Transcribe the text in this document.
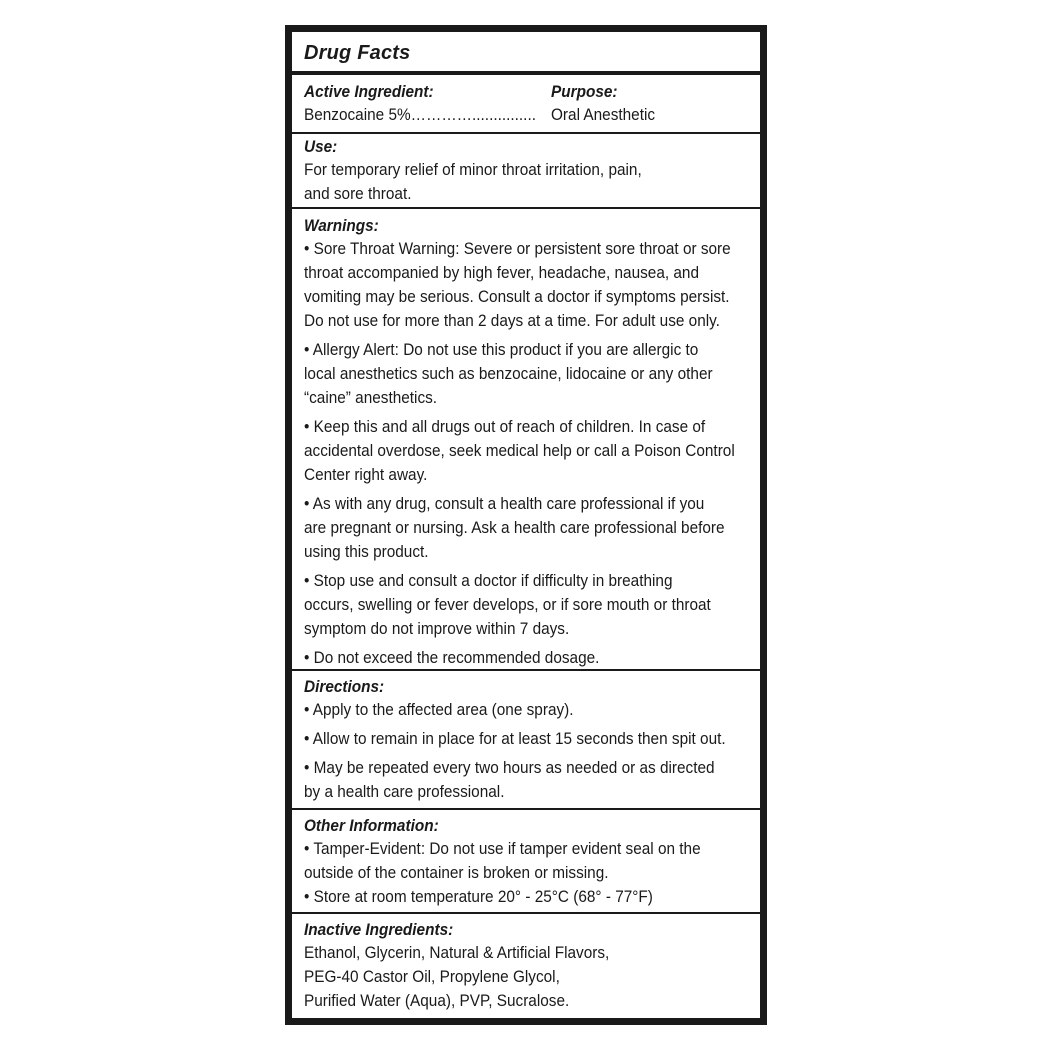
Drug Facts
Active Ingredient:	Purpose:
Benzocaine 5%…………............... Oral Anesthetic
Use:
For temporary relief of minor throat irritation, pain,
and sore throat.
Warnings:
• Sore Throat Warning: Severe or persistent sore throat or sore
throat accompanied by high fever, headache, nausea, and
vomiting may be serious. Consult a doctor if symptoms persist.
Do not use for more than 2 days at a time. For adult use only.
• Allergy Alert: Do not use this product if you are allergic to
local anesthetics such as benzocaine, lidocaine or any other
“caine” anesthetics.
• Keep this and all drugs out of reach of children. In case of
accidental overdose, seek medical help or call a Poison Control
Center right away.
• As with any drug, consult a health care professional if you
are pregnant or nursing. Ask a health care professional before
using this product.
• Stop use and consult a doctor if difficulty in breathing
occurs, swelling or fever develops, or if sore mouth or throat
symptom do not improve within 7 days.
• Do not exceed the recommended dosage.
Directions:
• Apply to the affected area (one spray).
• Allow to remain in place for at least 15 seconds then spit out.
• May be repeated every two hours as needed or as directed
by a health care professional.
Other Information:
• Tamper-Evident: Do not use if tamper evident seal on the
outside of the container is broken or missing.
• Store at room temperature 20° - 25°C (68° - 77°F)
Inactive Ingredients:
Ethanol, Glycerin, Natural & Artificial Flavors,
PEG-40 Castor Oil, Propylene Glycol,
Purified Water (Aqua), PVP, Sucralose.
